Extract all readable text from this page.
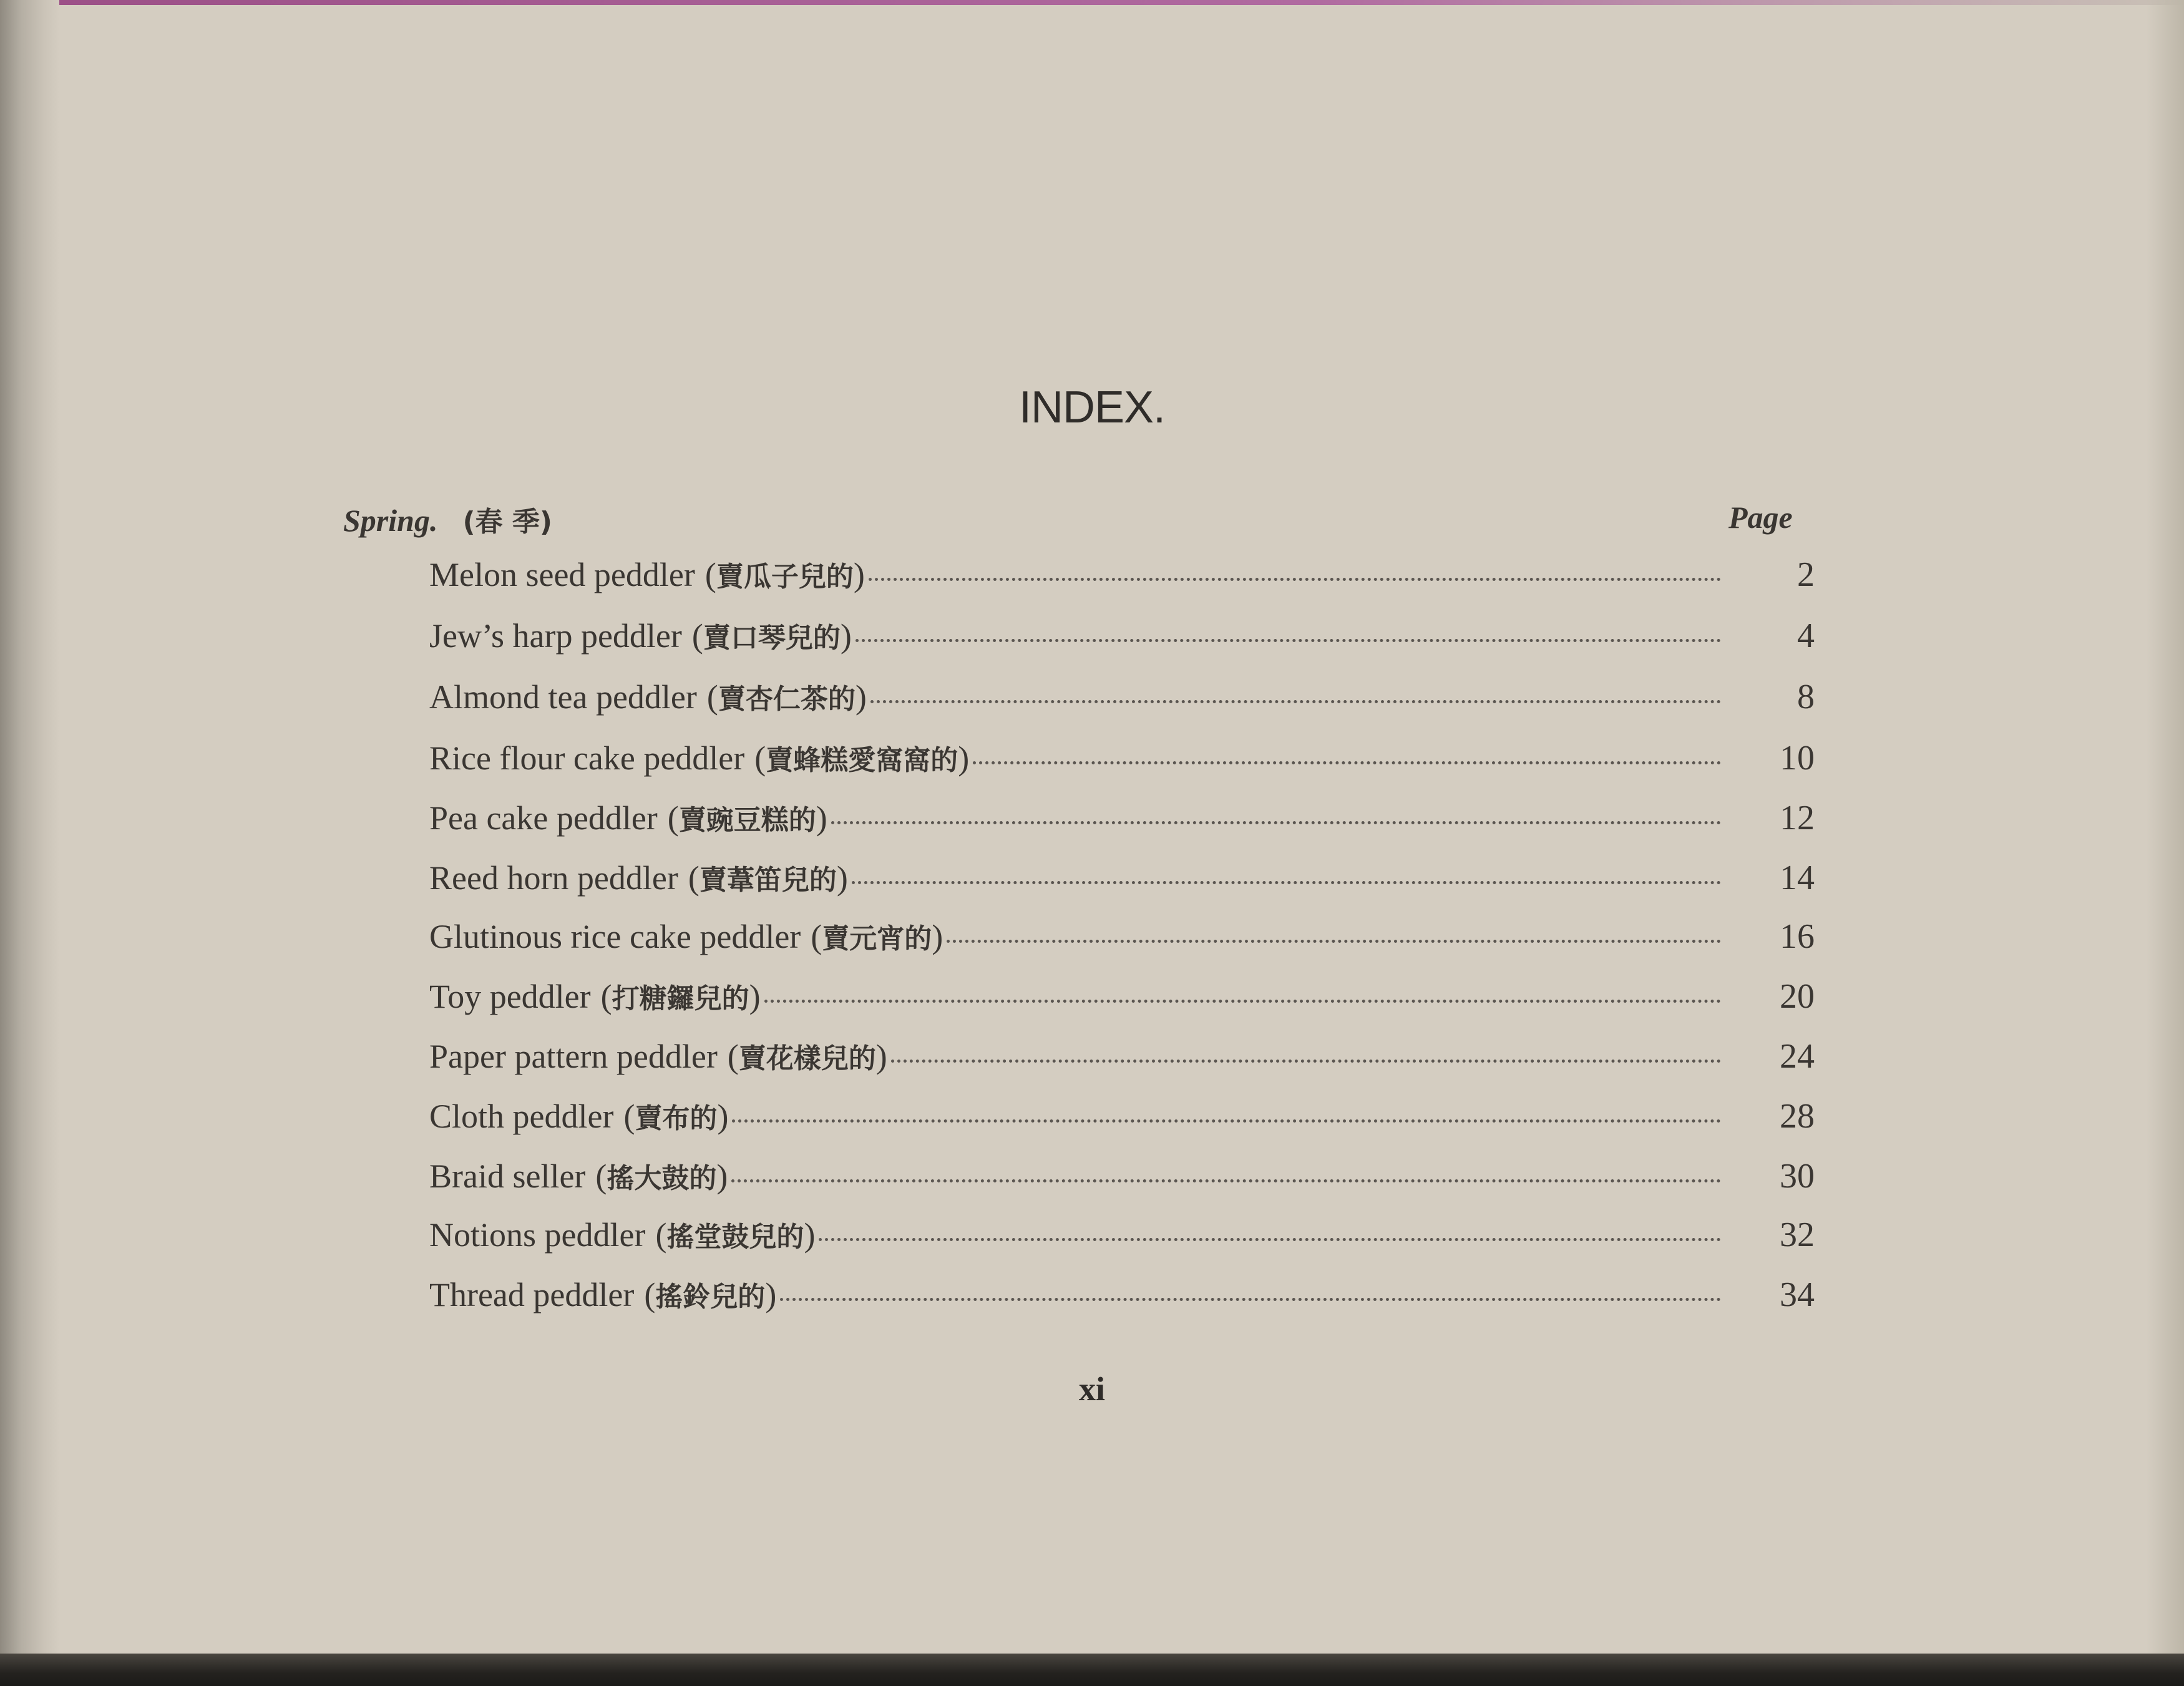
INDEX.
Spring. (春 季)	Page
Melon seed peddler (賣瓜子兒的)	2
Jew’s harp peddler (賣口琴兒的)	4
Almond tea peddler (賣杏仁茶的)	8
Rice flour cake peddler (賣蜂糕愛窩窩的)	10
Pea cake peddler (賣豌豆糕的)	12
Reed horn peddler (賣葦笛兒的)	14
Glutinous rice cake peddler (賣元宵的)	16
Toy peddler (打糖鑼兒的)	20
Paper pattern peddler (賣花樣兒的)	24
Cloth peddler (賣布的)	28
Braid seller (搖大鼓的)	30
Notions peddler (搖堂鼓兒的)	32
Thread peddler (搖鈴兒的)	34
xi
